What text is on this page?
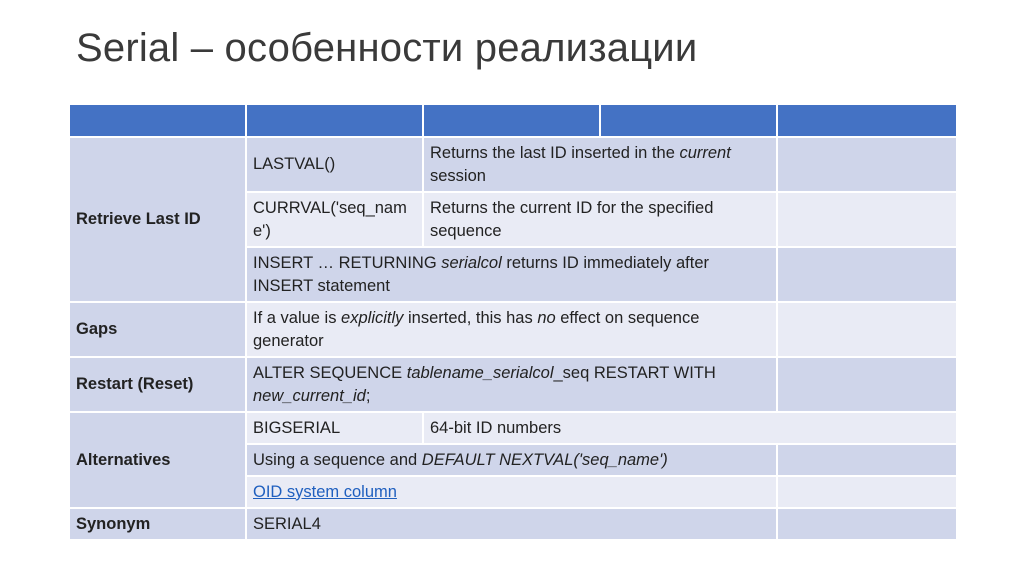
Serial – особенности реализации

Retrieve Last ID	LASTVAL()	Returns the last ID inserted in the current session		
	CURRVAL('seq_name')	Returns the current ID for the specified sequence		
	INSERT … RETURNING serialcol returns ID immediately after INSERT statement			
Gaps	If a value is explicitly inserted, this has no effect on sequence generator			
Restart (Reset)	ALTER SEQUENCE tablename_serialcol_seq RESTART WITH new_current_id;			
Alternatives	BIGSERIAL	64-bit ID numbers		
	Using a sequence and DEFAULT NEXTVAL('seq_name')			
	OID system column			
Synonym	SERIAL4			
